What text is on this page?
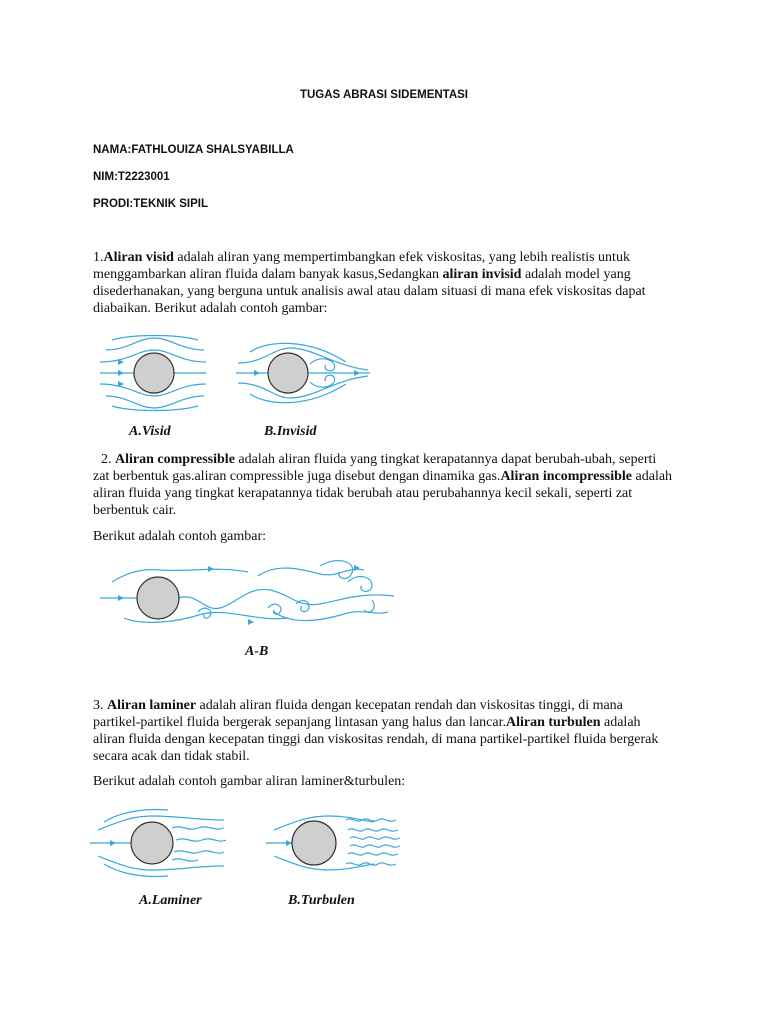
TUGAS ABRASI SIDEMENTASI
NAMA:FATHLOUIZA SHALSYABILLA
NIM:T2223001
PRODI:TEKNIK SIPIL

1.Aliran visid adalah aliran yang mempertimbangkan efek viskositas, yang lebih realistis untuk menggambarkan aliran fluida dalam banyak kasus,Sedangkan aliran invisid adalah model yang disederhanakan, yang berguna untuk analisis awal atau dalam situasi di mana efek viskositas dapat diabaikan. Berikut adalah contoh gambar:

A.Visid	B.Invisid

2. Aliran compressible adalah aliran fluida yang tingkat kerapatannya dapat berubah-ubah, seperti zat berbentuk gas.aliran compressible juga disebut dengan dinamika gas.Aliran incompressible adalah aliran fluida yang tingkat kerapatannya tidak berubah atau perubahannya kecil sekali, seperti zat berbentuk cair.

Berikut adalah contoh gambar:

A-B

3. Aliran laminer adalah aliran fluida dengan kecepatan rendah dan viskositas tinggi, di mana partikel-partikel fluida bergerak sepanjang lintasan yang halus dan lancar.Aliran turbulen adalah aliran fluida dengan kecepatan tinggi dan viskositas rendah, di mana partikel-partikel fluida bergerak secara acak dan tidak stabil.

Berikut adalah contoh gambar aliran laminer&turbulen:

A.Laminer	B.Turbulen
